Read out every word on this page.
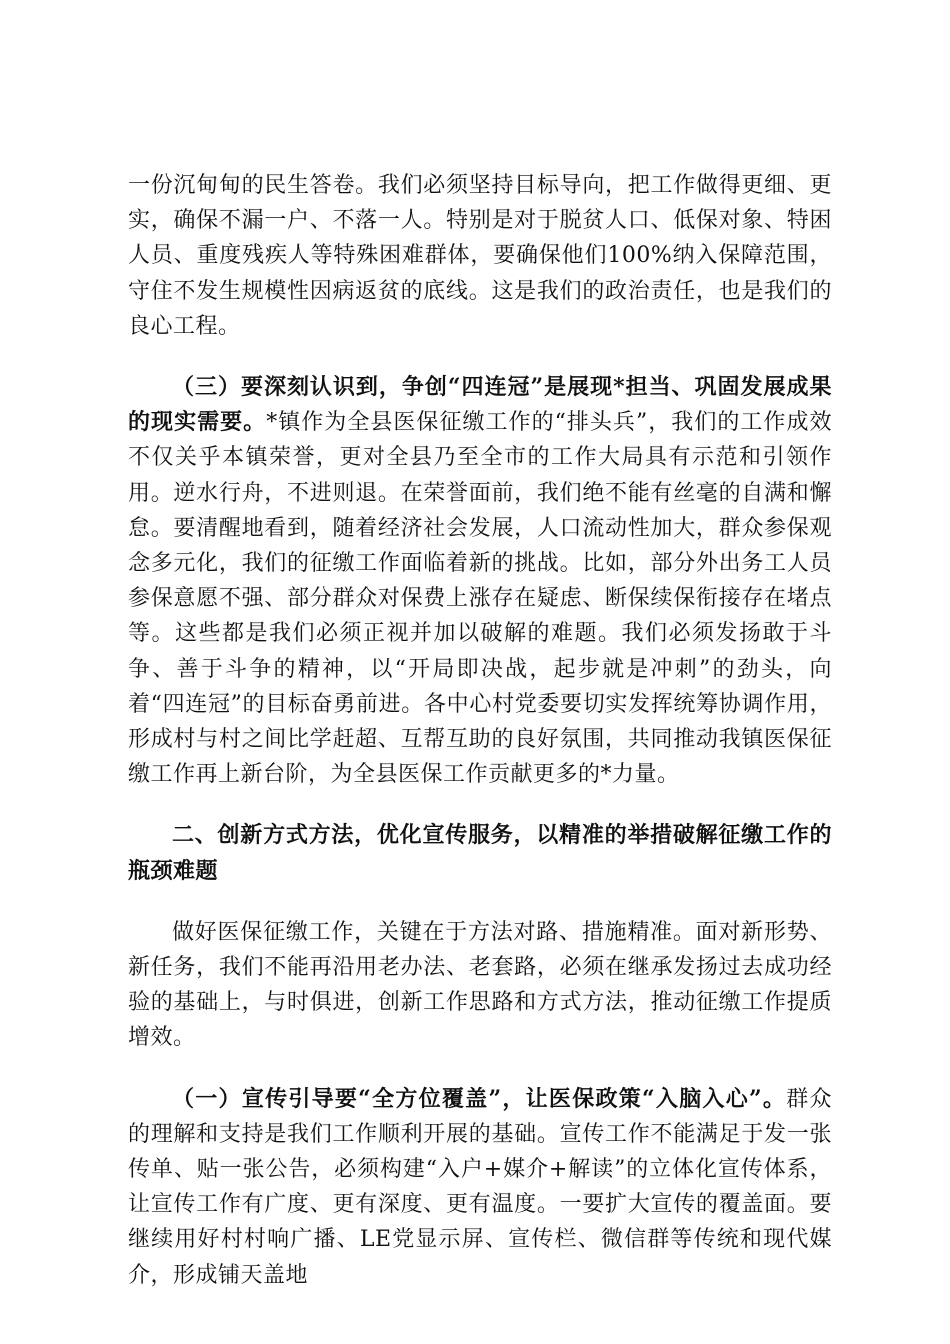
一份沉甸甸的民生答卷。我们必须坚持目标导向，把工作做得更细、更实，确保不漏一户、不落一人。特别是对于脱贫人口、低保对象、特困人员、重度残疾人等特殊困难群体，要确保他们100%纳入保障范围，守住不发生规模性因病返贫的底线。这是我们的政治责任，也是我们的良心工程。

（三）要深刻认识到，争创“四连冠”是展现*担当、巩固发展成果的现实需要。*镇作为全县医保征缴工作的“排头兵”，我们的工作成效不仅关乎本镇荣誉，更对全县乃至全市的工作大局具有示范和引领作用。逆水行舟，不进则退。在荣誉面前，我们绝不能有丝毫的自满和懈怠。要清醒地看到，随着经济社会发展，人口流动性加大，群众参保观念多元化，我们的征缴工作面临着新的挑战。比如，部分外出务工人员参保意愿不强、部分群众对保费上涨存在疑虑、断保续保衔接存在堵点等。这些都是我们必须正视并加以破解的难题。我们必须发扬敢于斗争、善于斗争的精神，以“开局即决战，起步就是冲刺”的劲头，向着“四连冠”的目标奋勇前进。各中心村党委要切实发挥统筹协调作用，形成村与村之间比学赶超、互帮互助的良好氛围，共同推动我镇医保征缴工作再上新台阶，为全县医保工作贡献更多的*力量。

二、创新方式方法，优化宣传服务，以精准的举措破解征缴工作的瓶颈难题

做好医保征缴工作，关键在于方法对路、措施精准。面对新形势、新任务，我们不能再沿用老办法、老套路，必须在继承发扬过去成功经验的基础上，与时俱进，创新工作思路和方式方法，推动征缴工作提质增效。

（一）宣传引导要“全方位覆盖”，让医保政策“入脑入心”。群众的理解和支持是我们工作顺利开展的基础。宣传工作不能满足于发一张传单、贴一张公告，必须构建“入户+媒介+解读”的立体化宣传体系，让宣传工作有广度、更有深度、更有温度。一要扩大宣传的覆盖面。要继续用好村村响广播、LE党显示屏、宣传栏、微信群等传统和现代媒介，形成铺天盖地
